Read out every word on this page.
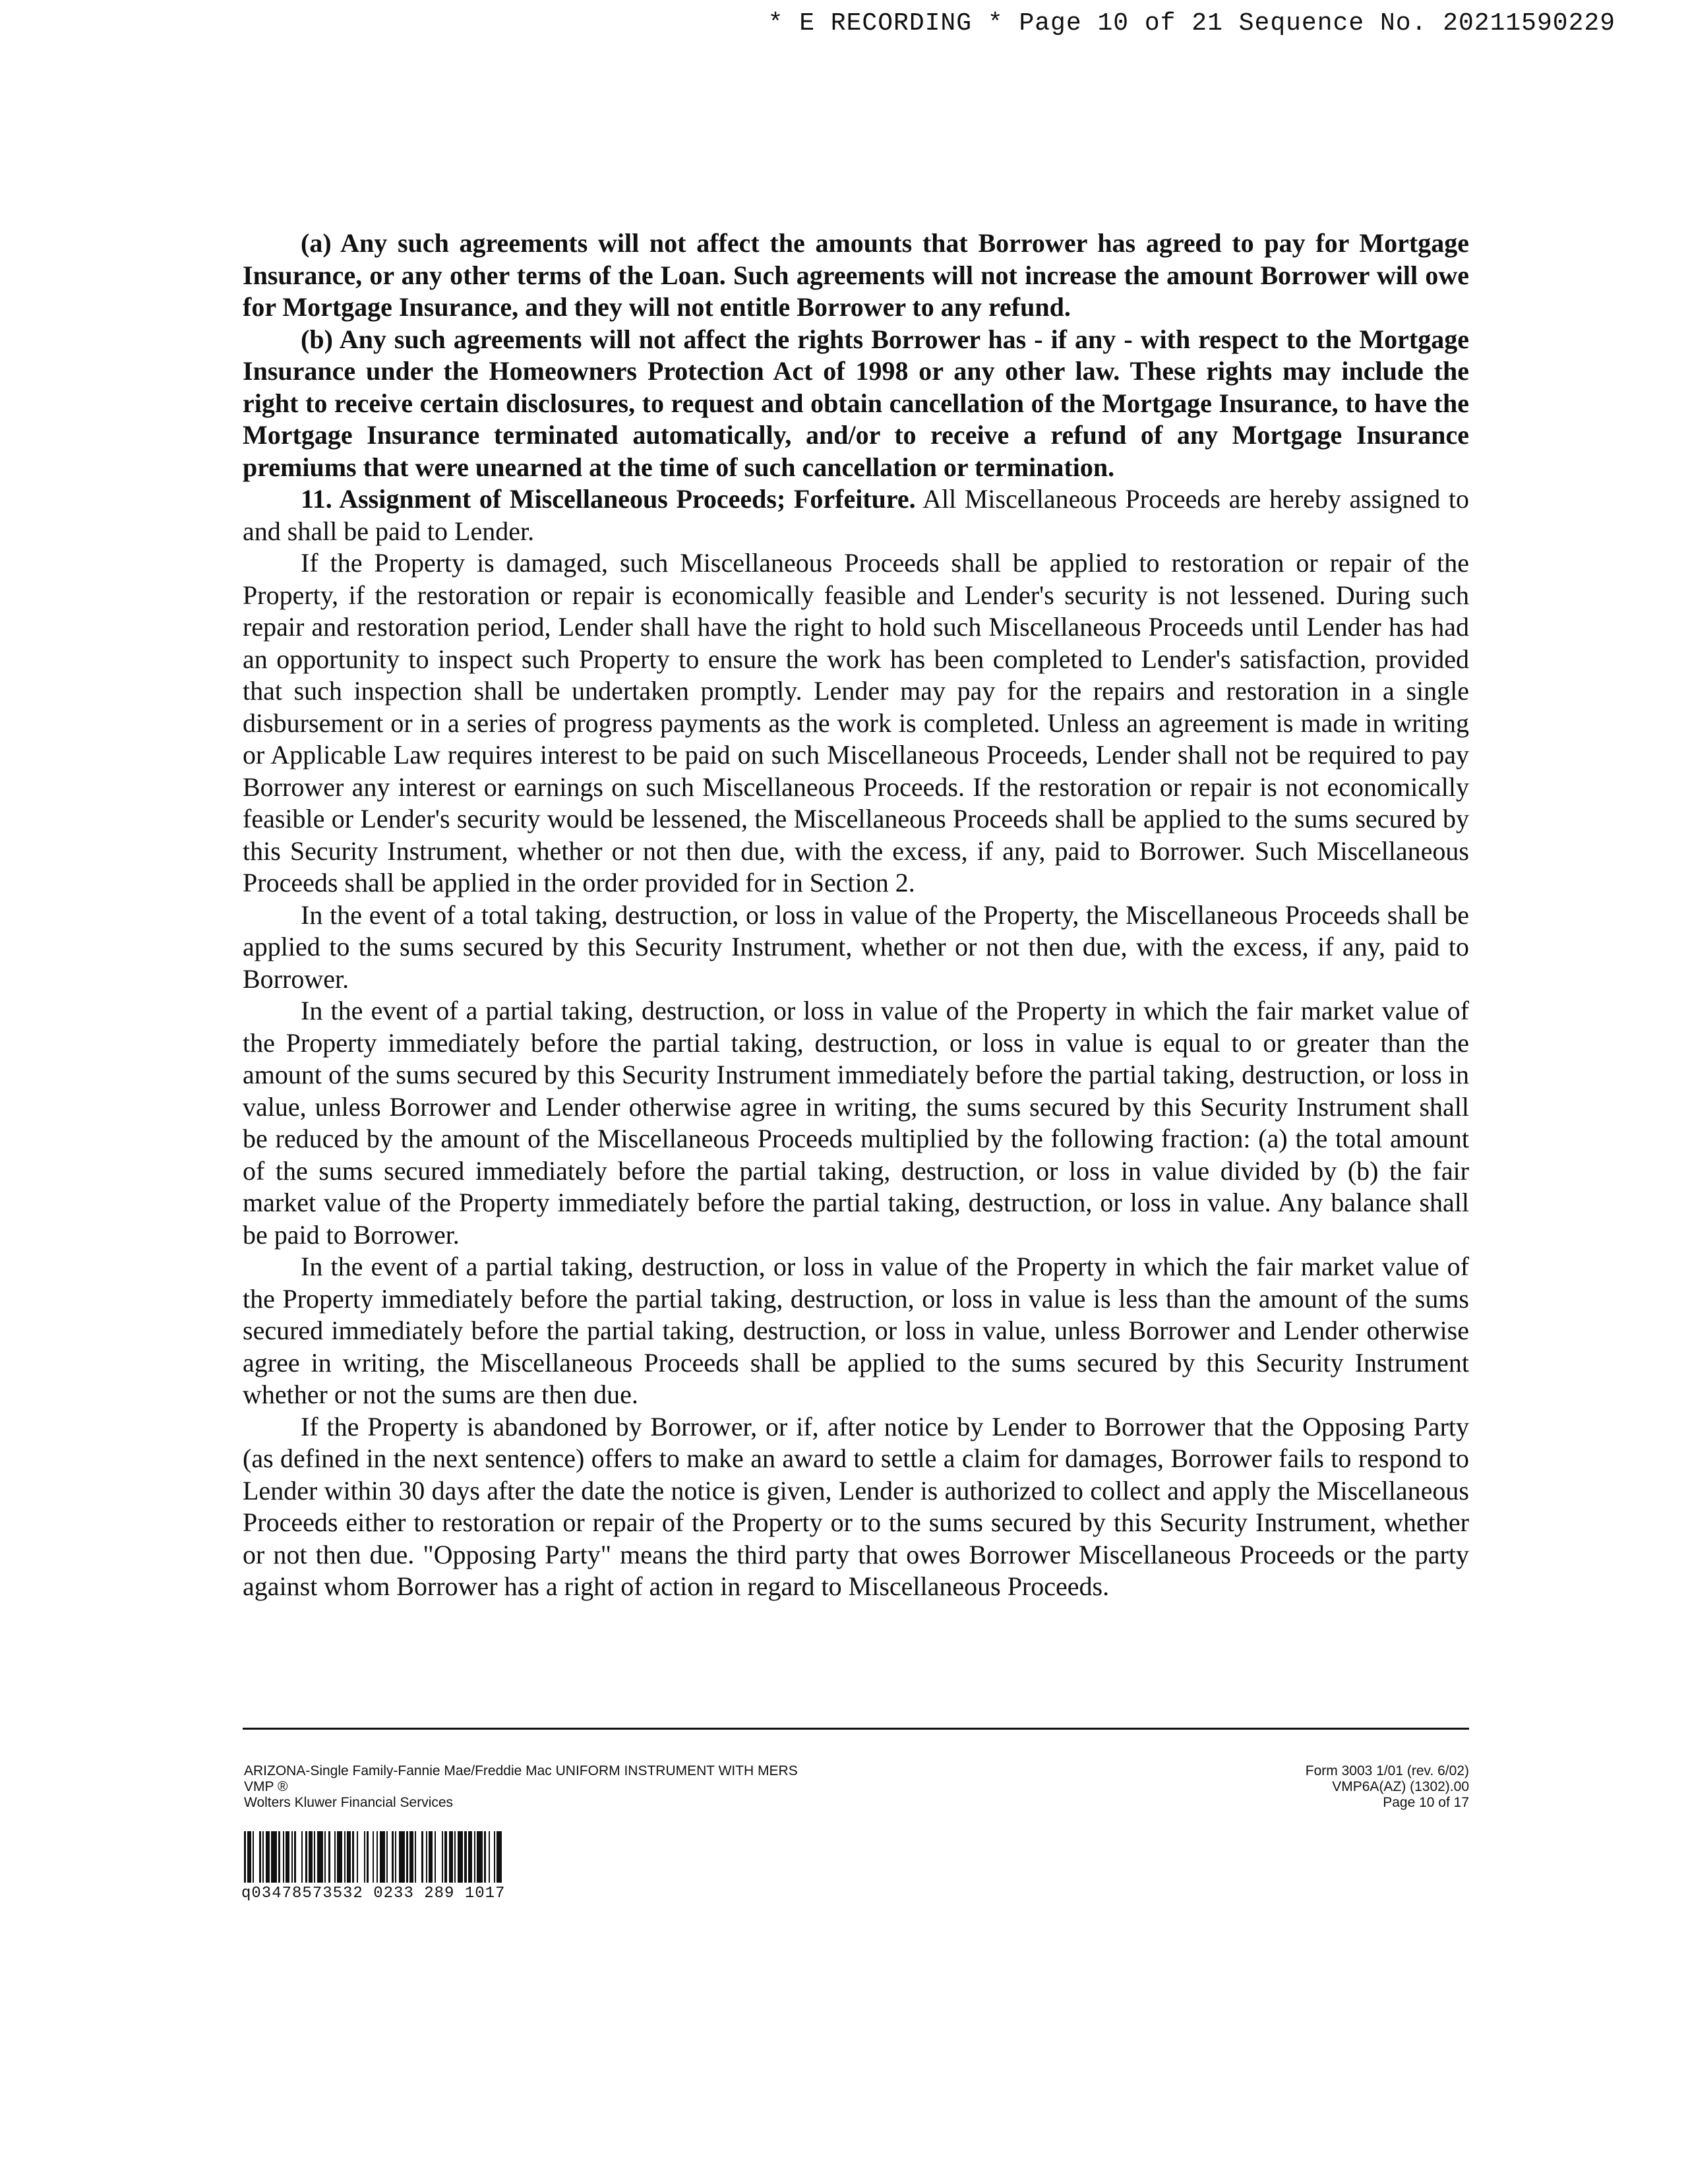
* E RECORDING * Page 10 of 21 Sequence No. 20211590229

(a) Any such agreements will not affect the amounts that Borrower has agreed to pay for Mortgage Insurance, or any other terms of the Loan. Such agreements will not increase the amount Borrower will owe for Mortgage Insurance, and they will not entitle Borrower to any refund.

(b) Any such agreements will not affect the rights Borrower has - if any - with respect to the Mortgage Insurance under the Homeowners Protection Act of 1998 or any other law. These rights may include the right to receive certain disclosures, to request and obtain cancellation of the Mortgage Insurance, to have the Mortgage Insurance terminated automatically, and/or to receive a refund of any Mortgage Insurance premiums that were unearned at the time of such cancellation or termination.

11. Assignment of Miscellaneous Proceeds; Forfeiture. All Miscellaneous Proceeds are hereby assigned to and shall be paid to Lender.

If the Property is damaged, such Miscellaneous Proceeds shall be applied to restoration or repair of the Property, if the restoration or repair is economically feasible and Lender's security is not lessened. During such repair and restoration period, Lender shall have the right to hold such Miscellaneous Proceeds until Lender has had an opportunity to inspect such Property to ensure the work has been completed to Lender's satisfaction, provided that such inspection shall be undertaken promptly. Lender may pay for the repairs and restoration in a single disbursement or in a series of progress payments as the work is completed. Unless an agreement is made in writing or Applicable Law requires interest to be paid on such Miscellaneous Proceeds, Lender shall not be required to pay Borrower any interest or earnings on such Miscellaneous Proceeds. If the restoration or repair is not economically feasible or Lender's security would be lessened, the Miscellaneous Proceeds shall be applied to the sums secured by this Security Instrument, whether or not then due, with the excess, if any, paid to Borrower. Such Miscellaneous Proceeds shall be applied in the order provided for in Section 2.

In the event of a total taking, destruction, or loss in value of the Property, the Miscellaneous Proceeds shall be applied to the sums secured by this Security Instrument, whether or not then due, with the excess, if any, paid to Borrower.

In the event of a partial taking, destruction, or loss in value of the Property in which the fair market value of the Property immediately before the partial taking, destruction, or loss in value is equal to or greater than the amount of the sums secured by this Security Instrument immediately before the partial taking, destruction, or loss in value, unless Borrower and Lender otherwise agree in writing, the sums secured by this Security Instrument shall be reduced by the amount of the Miscellaneous Proceeds multiplied by the following fraction: (a) the total amount of the sums secured immediately before the partial taking, destruction, or loss in value divided by (b) the fair market value of the Property immediately before the partial taking, destruction, or loss in value. Any balance shall be paid to Borrower.

In the event of a partial taking, destruction, or loss in value of the Property in which the fair market value of the Property immediately before the partial taking, destruction, or loss in value is less than the amount of the sums secured immediately before the partial taking, destruction, or loss in value, unless Borrower and Lender otherwise agree in writing, the Miscellaneous Proceeds shall be applied to the sums secured by this Security Instrument whether or not the sums are then due.

If the Property is abandoned by Borrower, or if, after notice by Lender to Borrower that the Opposing Party (as defined in the next sentence) offers to make an award to settle a claim for damages, Borrower fails to respond to Lender within 30 days after the date the notice is given, Lender is authorized to collect and apply the Miscellaneous Proceeds either to restoration or repair of the Property or to the sums secured by this Security Instrument, whether or not then due. "Opposing Party" means the third party that owes Borrower Miscellaneous Proceeds or the party against whom Borrower has a right of action in regard to Miscellaneous Proceeds.

ARIZONA-Single Family-Fannie Mae/Freddie Mac UNIFORM INSTRUMENT WITH MERS
VMP ®
Wolters Kluwer Financial Services
Form 3003 1/01 (rev. 6/02)
VMP6A(AZ) (1302).00
Page 10 of 17
q03478573532 0233 289 1017
